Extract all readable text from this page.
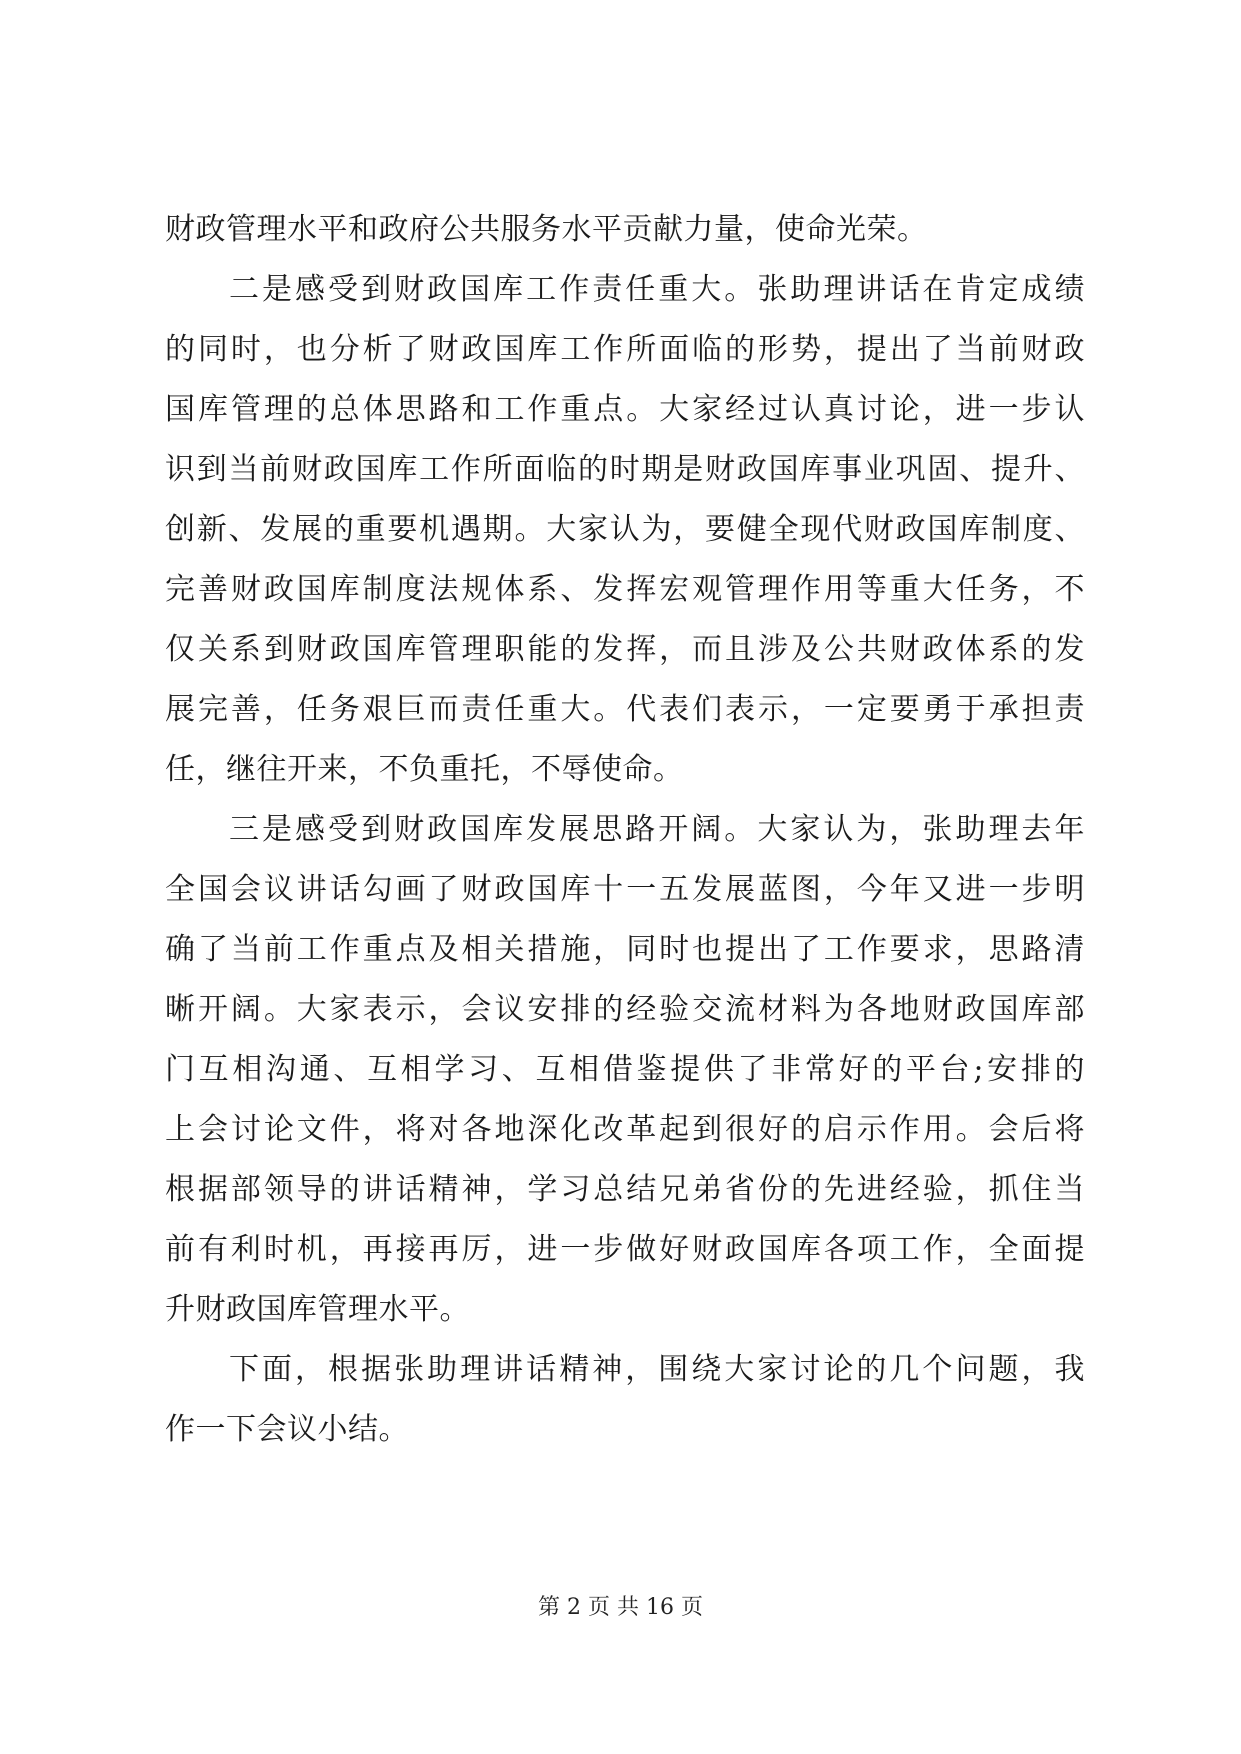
财政管理水平和政府公共服务水平贡献力量，使命光荣。
二是感受到财政国库工作责任重大。张助理讲话在肯定成绩
的同时，也分析了财政国库工作所面临的形势，提出了当前财政
国库管理的总体思路和工作重点。大家经过认真讨论，进一步认
识到当前财政国库工作所面临的时期是财政国库事业巩固、提升、
创新、发展的重要机遇期。大家认为，要健全现代财政国库制度、
完善财政国库制度法规体系、发挥宏观管理作用等重大任务，不
仅关系到财政国库管理职能的发挥，而且涉及公共财政体系的发
展完善，任务艰巨而责任重大。代表们表示，一定要勇于承担责
任，继往开来，不负重托，不辱使命。
三是感受到财政国库发展思路开阔。大家认为，张助理去年
全国会议讲话勾画了财政国库十一五发展蓝图，今年又进一步明
确了当前工作重点及相关措施，同时也提出了工作要求，思路清
晰开阔。大家表示，会议安排的经验交流材料为各地财政国库部
门互相沟通、互相学习、互相借鉴提供了非常好的平台;安排的
上会讨论文件，将对各地深化改革起到很好的启示作用。会后将
根据部领导的讲话精神，学习总结兄弟省份的先进经验，抓住当
前有利时机，再接再厉，进一步做好财政国库各项工作，全面提
升财政国库管理水平。
下面，根据张助理讲话精神，围绕大家讨论的几个问题，我
作一下会议小结。
第 2 页 共 16 页
